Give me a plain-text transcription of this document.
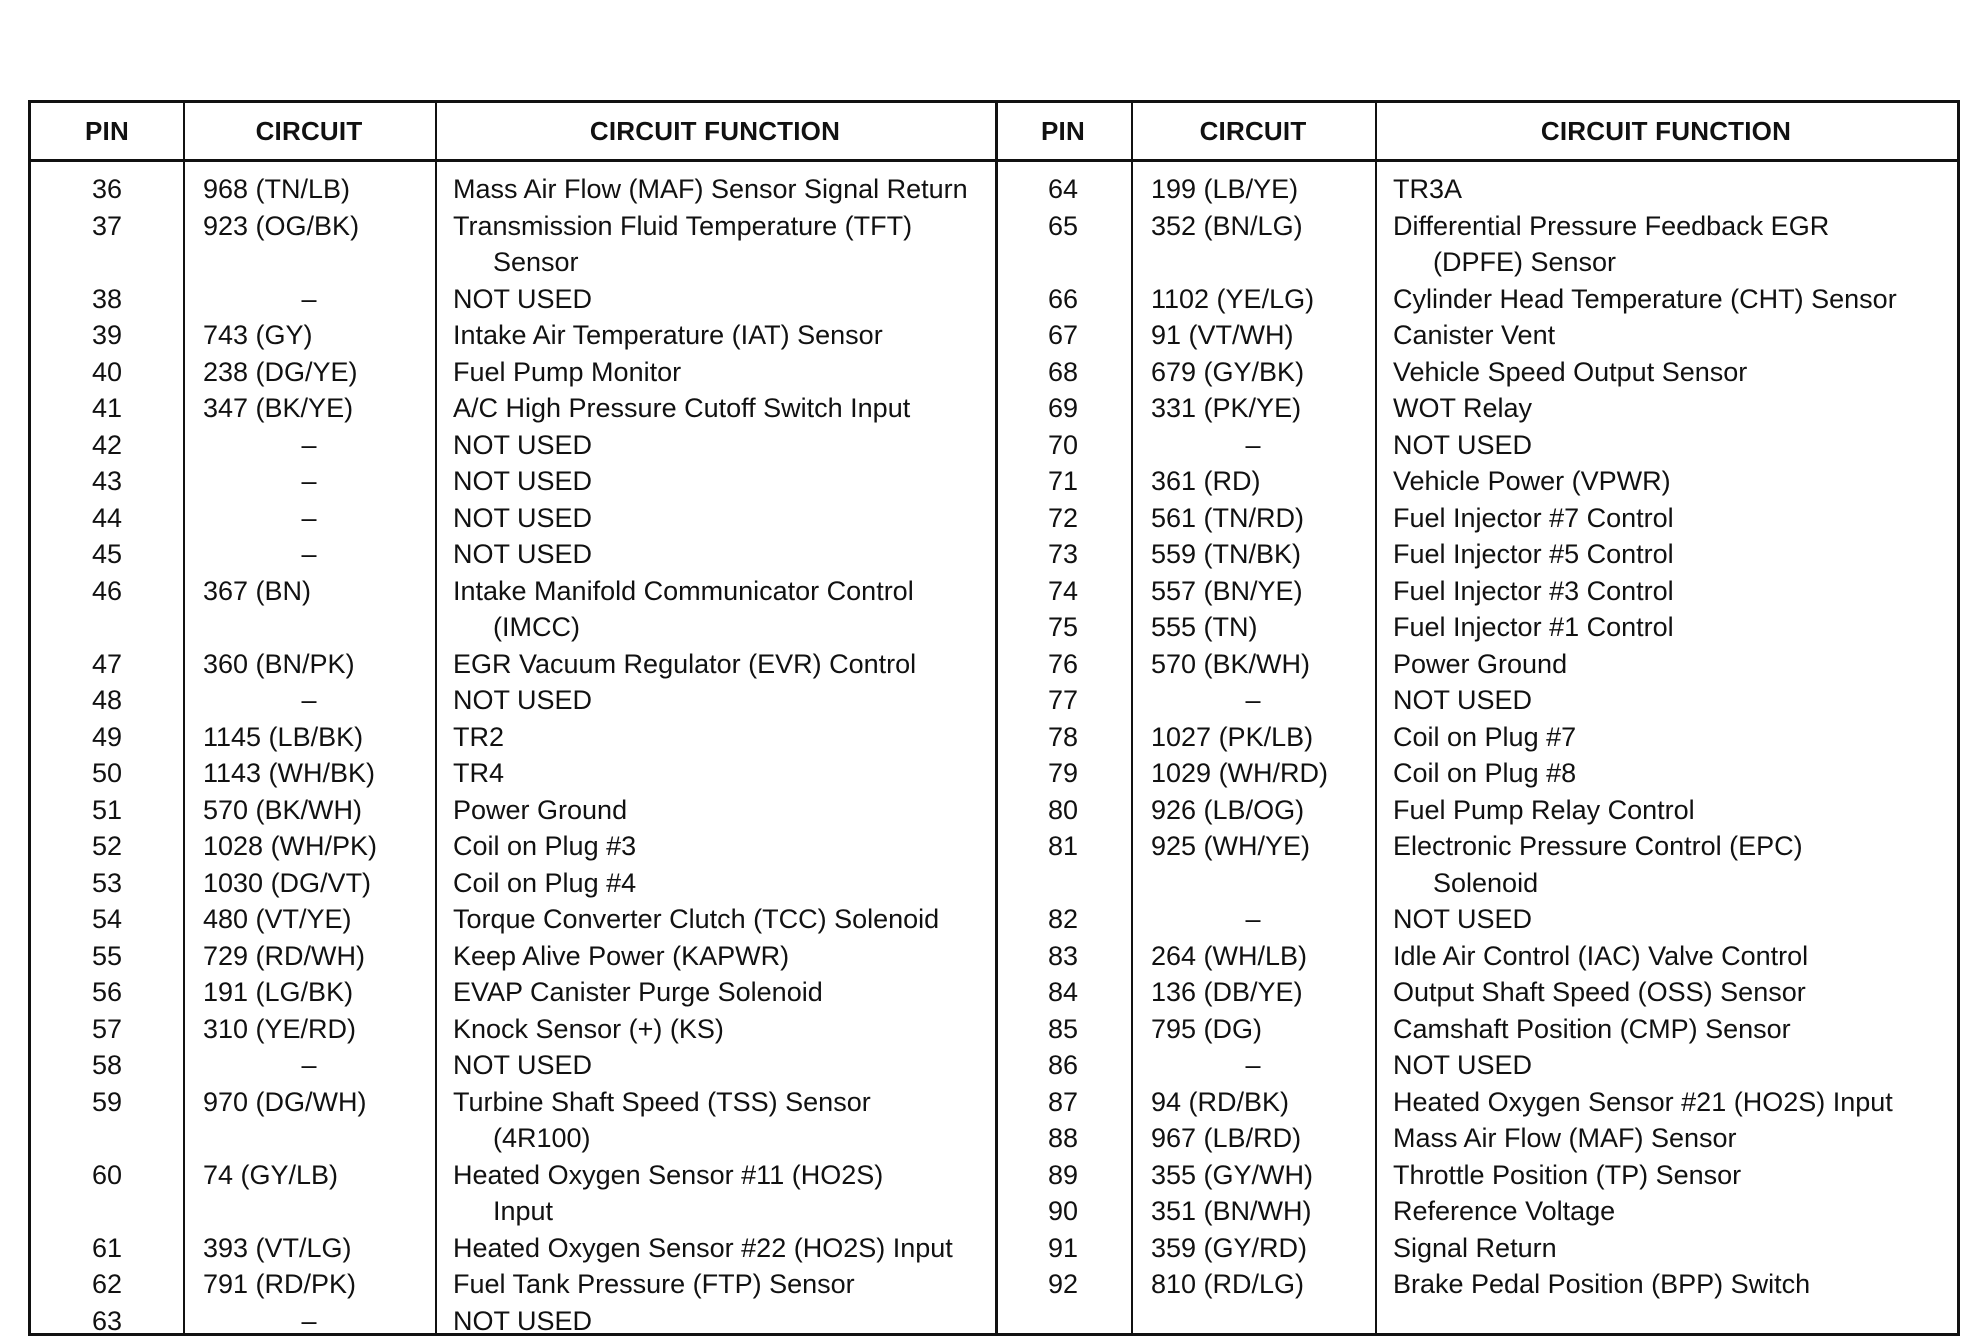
PIN	CIRCUIT	CIRCUIT FUNCTION	PIN	CIRCUIT	CIRCUIT FUNCTION
36	968 (TN/LB)	Mass Air Flow (MAF) Sensor Signal Return
37	923 (OG/BK)	Transmission Fluid Temperature (TFT)
Sensor
38	–	NOT USED
39	743 (GY)	Intake Air Temperature (IAT) Sensor
40	238 (DG/YE)	Fuel Pump Monitor
41	347 (BK/YE)	A/C High Pressure Cutoff Switch Input
42	–	NOT USED
43	–	NOT USED
44	–	NOT USED
45	–	NOT USED
46	367 (BN)	Intake Manifold Communicator Control
(IMCC)
47	360 (BN/PK)	EGR Vacuum Regulator (EVR) Control
48	–	NOT USED
49	1145 (LB/BK)	TR2
50	1143 (WH/BK)	TR4
51	570 (BK/WH)	Power Ground
52	1028 (WH/PK)	Coil on Plug #3
53	1030 (DG/VT)	Coil on Plug #4
54	480 (VT/YE)	Torque Converter Clutch (TCC) Solenoid
55	729 (RD/WH)	Keep Alive Power (KAPWR)
56	191 (LG/BK)	EVAP Canister Purge Solenoid
57	310 (YE/RD)	Knock Sensor (+) (KS)
58	–	NOT USED
59	970 (DG/WH)	Turbine Shaft Speed (TSS) Sensor
(4R100)
60	74 (GY/LB)	Heated Oxygen Sensor #11 (HO2S)
Input
61	393 (VT/LG)	Heated Oxygen Sensor #22 (HO2S) Input
62	791 (RD/PK)	Fuel Tank Pressure (FTP) Sensor
63	–	NOT USED
64	199 (LB/YE)	TR3A
65	352 (BN/LG)	Differential Pressure Feedback EGR
(DPFE) Sensor
66	1102 (YE/LG)	Cylinder Head Temperature (CHT) Sensor
67	91 (VT/WH)	Canister Vent
68	679 (GY/BK)	Vehicle Speed Output Sensor
69	331 (PK/YE)	WOT Relay
70	–	NOT USED
71	361 (RD)	Vehicle Power (VPWR)
72	561 (TN/RD)	Fuel Injector #7 Control
73	559 (TN/BK)	Fuel Injector #5 Control
74	557 (BN/YE)	Fuel Injector #3 Control
75	555 (TN)	Fuel Injector #1 Control
76	570 (BK/WH)	Power Ground
77	–	NOT USED
78	1027 (PK/LB)	Coil on Plug #7
79	1029 (WH/RD) Coil on Plug #8
80	926 (LB/OG)	Fuel Pump Relay Control
81	925 (WH/YE)	Electronic Pressure Control (EPC)
Solenoid
82	–	NOT USED
83	264 (WH/LB)	Idle Air Control (IAC) Valve Control
84	136 (DB/YE)	Output Shaft Speed (OSS) Sensor
85	795 (DG)	Camshaft Position (CMP) Sensor
86	–	NOT USED
87	94 (RD/BK)	Heated Oxygen Sensor #21 (HO2S) Input
88	967 (LB/RD)	Mass Air Flow (MAF) Sensor
89	355 (GY/WH)	Throttle Position (TP) Sensor
90	351 (BN/WH)	Reference Voltage
91	359 (GY/RD)	Signal Return
92	810 (RD/LG)	Brake Pedal Position (BPP) Switch
